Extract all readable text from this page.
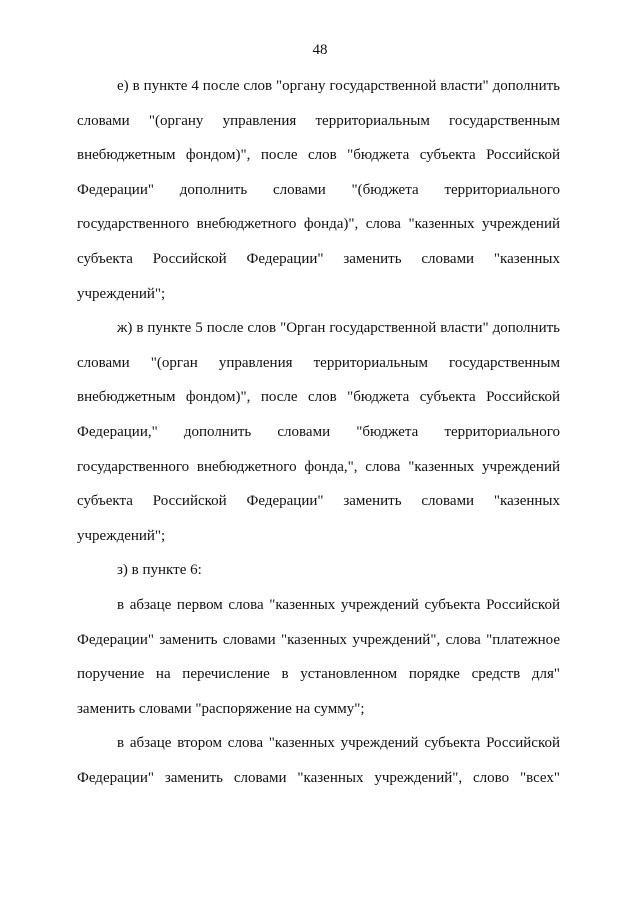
48
е) в пункте 4 после слов "органу государственной власти" дополнить
словами "(органу управления территориальным государственным
внебюджетным фондом)", после слов "бюджета субъекта Российской
Федерации" дополнить словами "(бюджета территориального
государственного внебюджетного фонда)", слова "казенных учреждений
субъекта Российской Федерации" заменить словами "казенных
учреждений";
ж) в пункте 5 после слов "Орган государственной власти" дополнить
словами "(орган управления территориальным государственным
внебюджетным фондом)", после слов "бюджета субъекта Российской
Федерации," дополнить словами "бюджета территориального
государственного внебюджетного фонда,", слова "казенных учреждений
субъекта Российской Федерации" заменить словами "казенных
учреждений";
з) в пункте 6:
в абзаце первом слова "казенных учреждений субъекта Российской
Федерации" заменить словами "казенных учреждений", слова "платежное
поручение на перечисление в установленном порядке средств для"
заменить словами "распоряжение на сумму";
в абзаце втором слова "казенных учреждений субъекта Российской
Федерации" заменить словами "казенных учреждений", слово "всех"
